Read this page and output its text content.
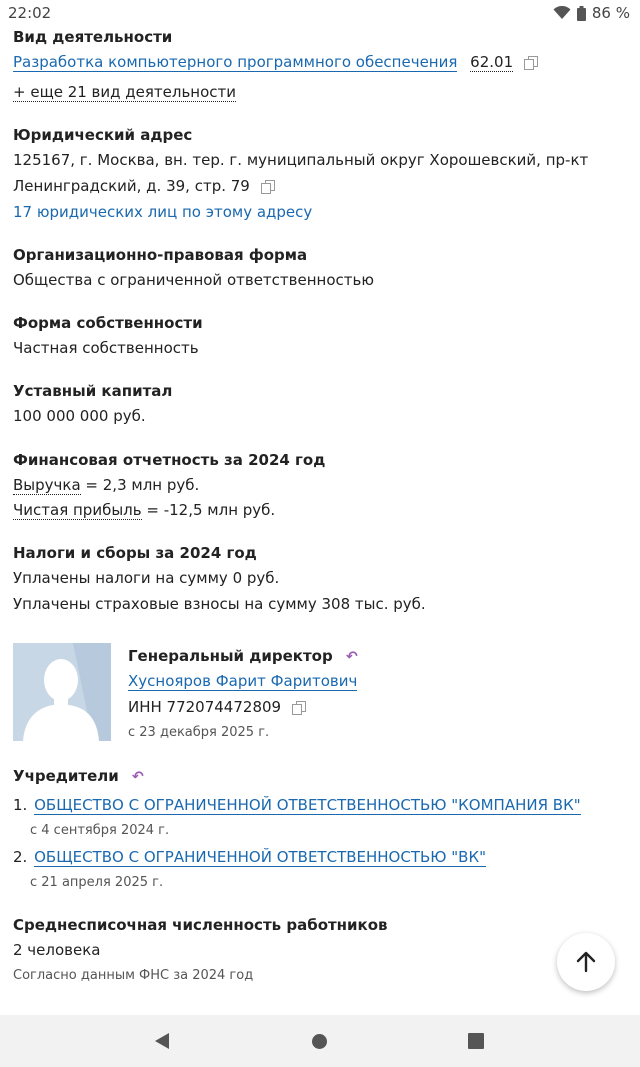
22:02	86 %
Вид деятельности
Разработка компьютерного программного обеспечения 62.01
+ еще 21 вид деятельности
Юридический адрес
125167, г. Москва, вн. тер. г. муниципальный округ Хорошевский, пр-кт
Ленинградский, д. 39, стр. 79
17 юридических лиц по этому адресу
Организационно-правовая форма
Общества с ограниченной ответственностью
Форма собственности
Частная собственность
Уставный капитал
100 000 000 руб.
Финансовая отчетность за 2024 год
Выручка = 2,3 млн руб.
Чистая прибыль = -12,5 млн руб.
Налоги и сборы за 2024 год
Уплачены налоги на сумму 0 руб.
Уплачены страховые взносы на сумму 308 тыс. руб.
Генеральный директор ↶
Хуснояров Фарит Фаритович
ИНН 772074472809
с 23 декабря 2025 г.
Учредители ↶
1. ОБЩЕСТВО С ОГРАНИЧЕННОЙ ОТВЕТСТВЕННОСТЬЮ "КОМПАНИЯ ВК"
с 4 сентября 2024 г.
2. ОБЩЕСТВО С ОГРАНИЧЕННОЙ ОТВЕТСТВЕННОСТЬЮ "ВК"
с 21 апреля 2025 г.
Среднесписочная численность работников
2 человека
Согласно данным ФНС за 2024 год
